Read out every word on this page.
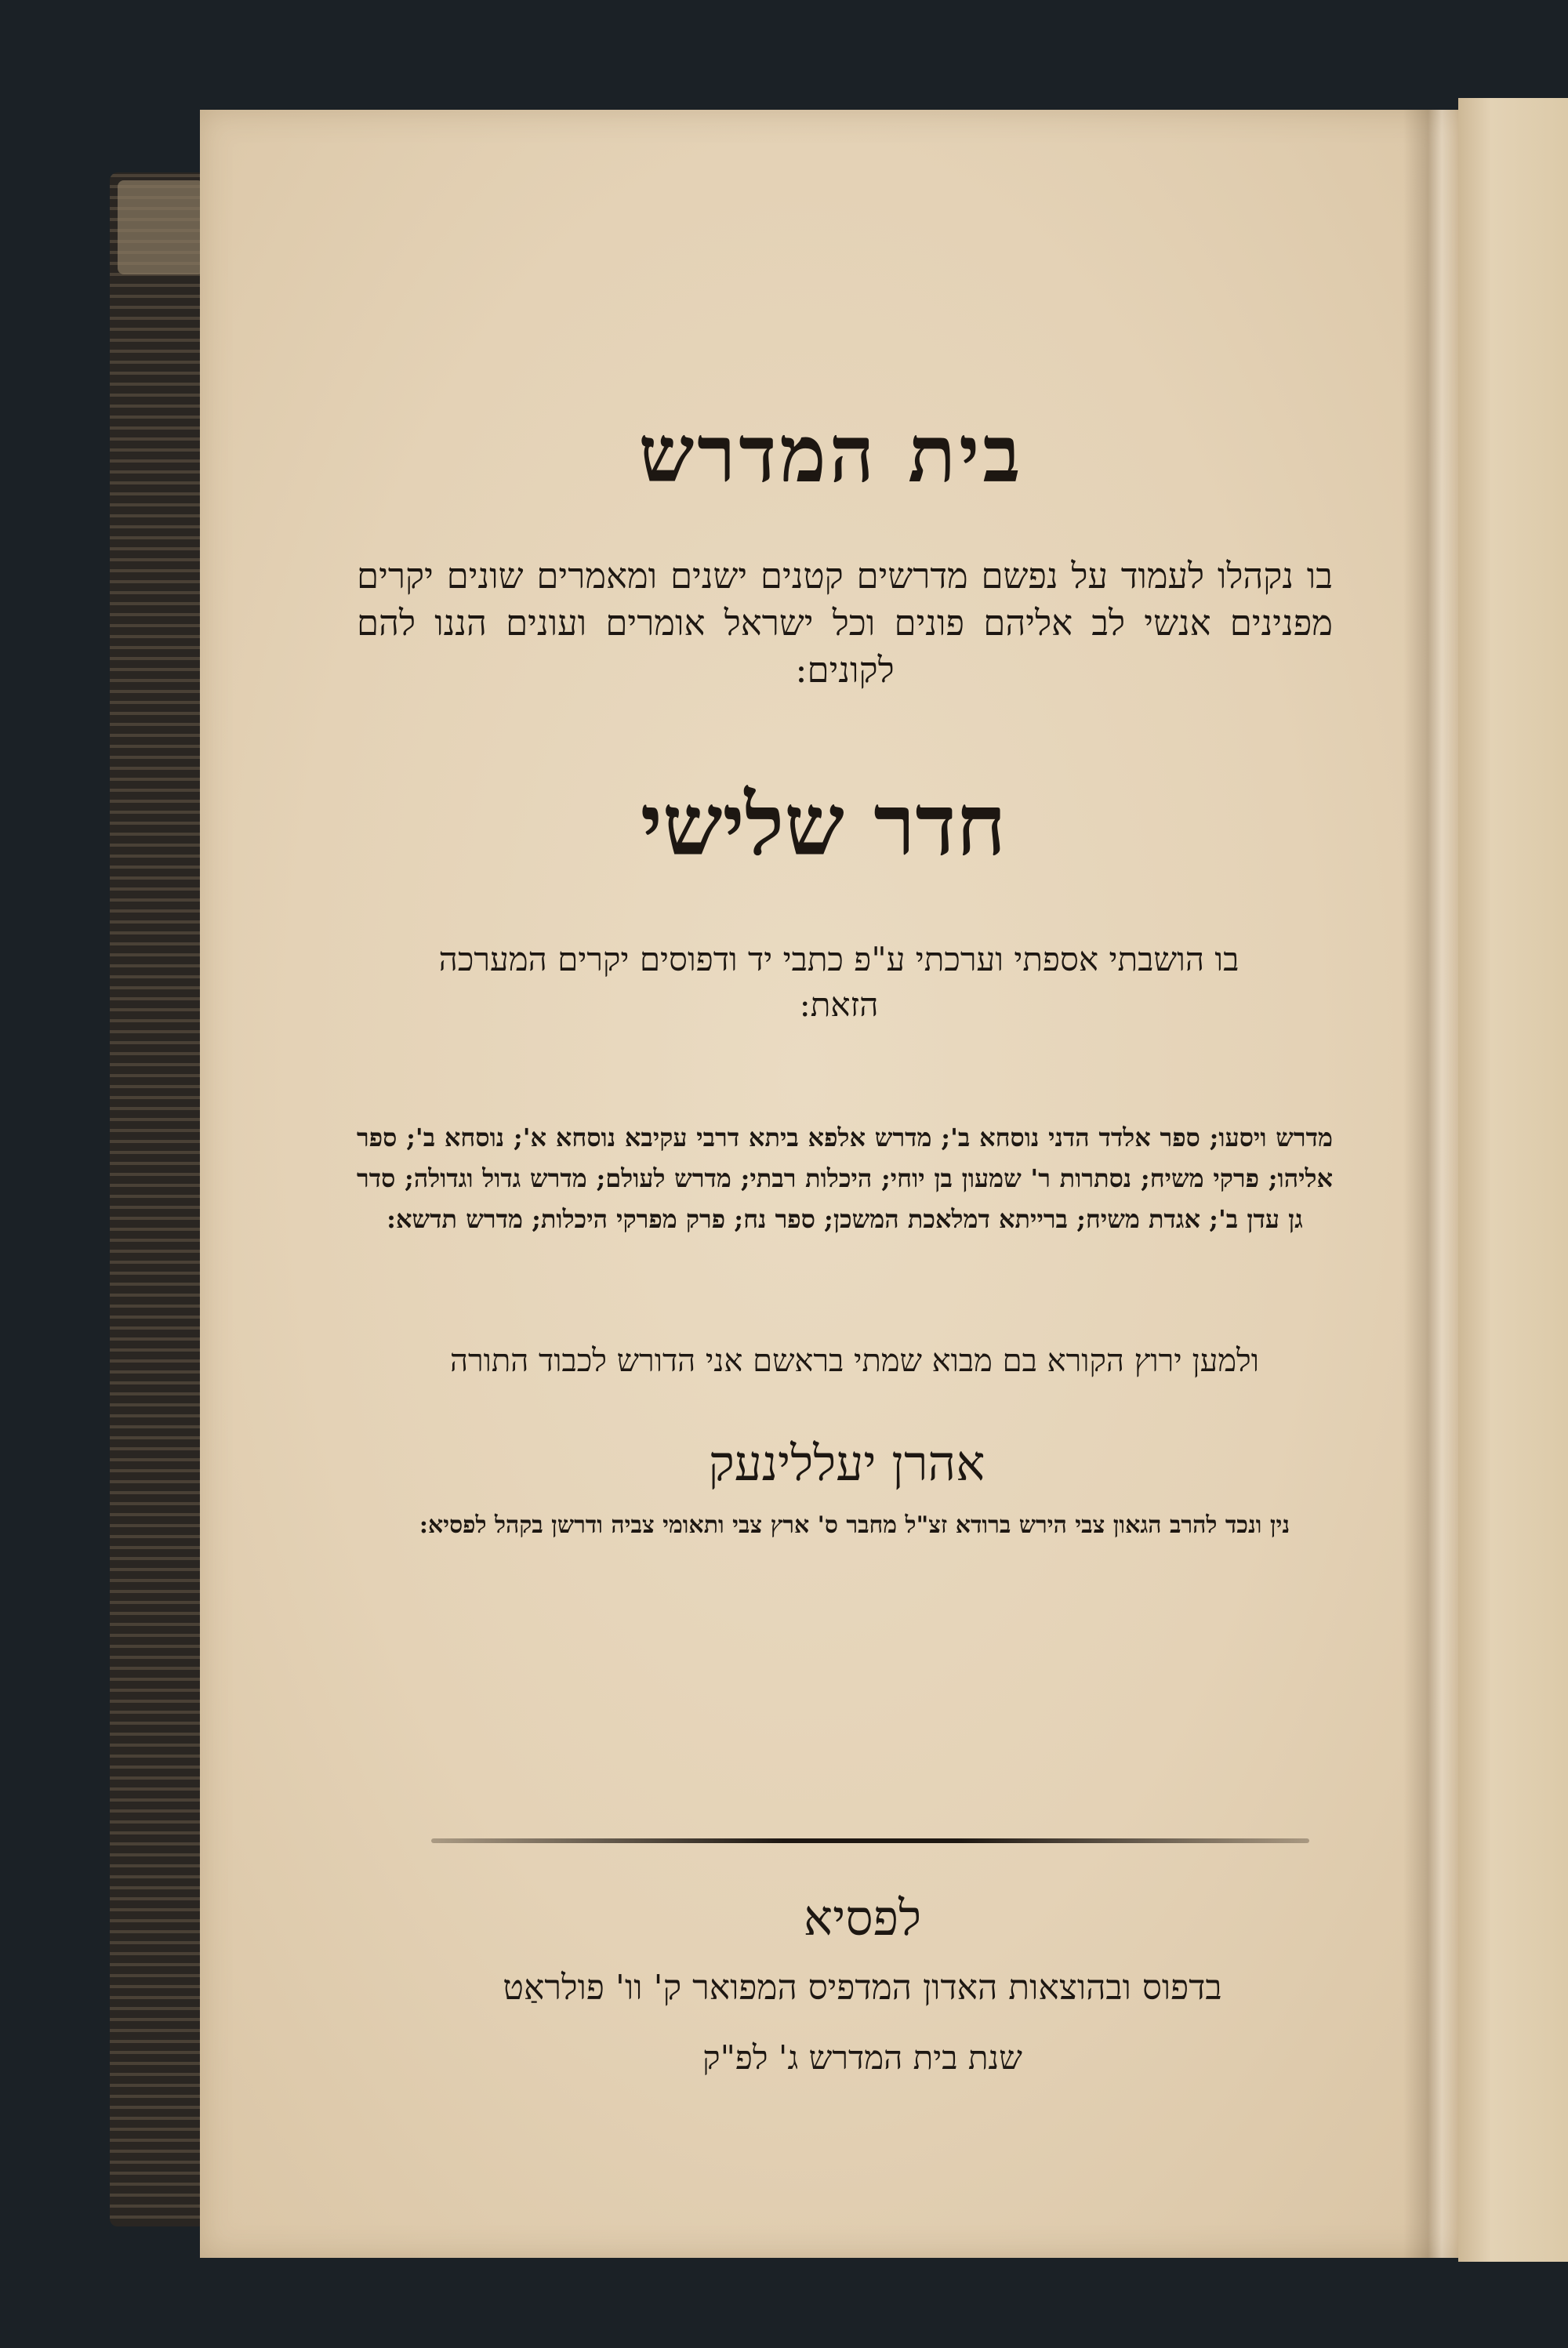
בית המדרש

בו נקהלו לעמוד על נפשם מדרשים קטנים ישנים ומאמרים שונים יקרים מפנינים אנשי לב אליהם פונים וכל ישראל אומרים ועונים הננו להם לקונים:

חדר שלישי

בו הושבתי אספתי וערכתי ע"פ כתבי יד ודפוסים יקרים המערכה הזאת:

מדרש ויסעו; ספר אלדד הדני נוסחא ב'; מדרש אלפא ביתא דרבי עקיבא נוסחא א'; נוסחא ב'; ספר אליהו; פרקי משיח; נסתרות ר' שמעון בן יוחי; היכלות רבתי; מדרש לעולם; מדרש גדול וגדולה; סדר גן עדן ב'; אגדת משיח; ברייתא דמלאכת המשכן; ספר נח; פרק מפרקי היכלות; מדרש תדשא:

ולמען ירוץ הקורא בם מבוא שמתי בראשם אני הדורש לכבוד התורה

אהרן יעללינעק

נין ונכד להרב הגאון צבי הירש ברודא זצ"ל מחבר ס' ארץ צבי ותאומי צביה ודרשן בקהל לפסיא:

לפסיא

בדפוס ובהוצאות האדון המדפיס המפואר ק' וו' פולראַט

שנת בית המדרש ג' לפ"ק
